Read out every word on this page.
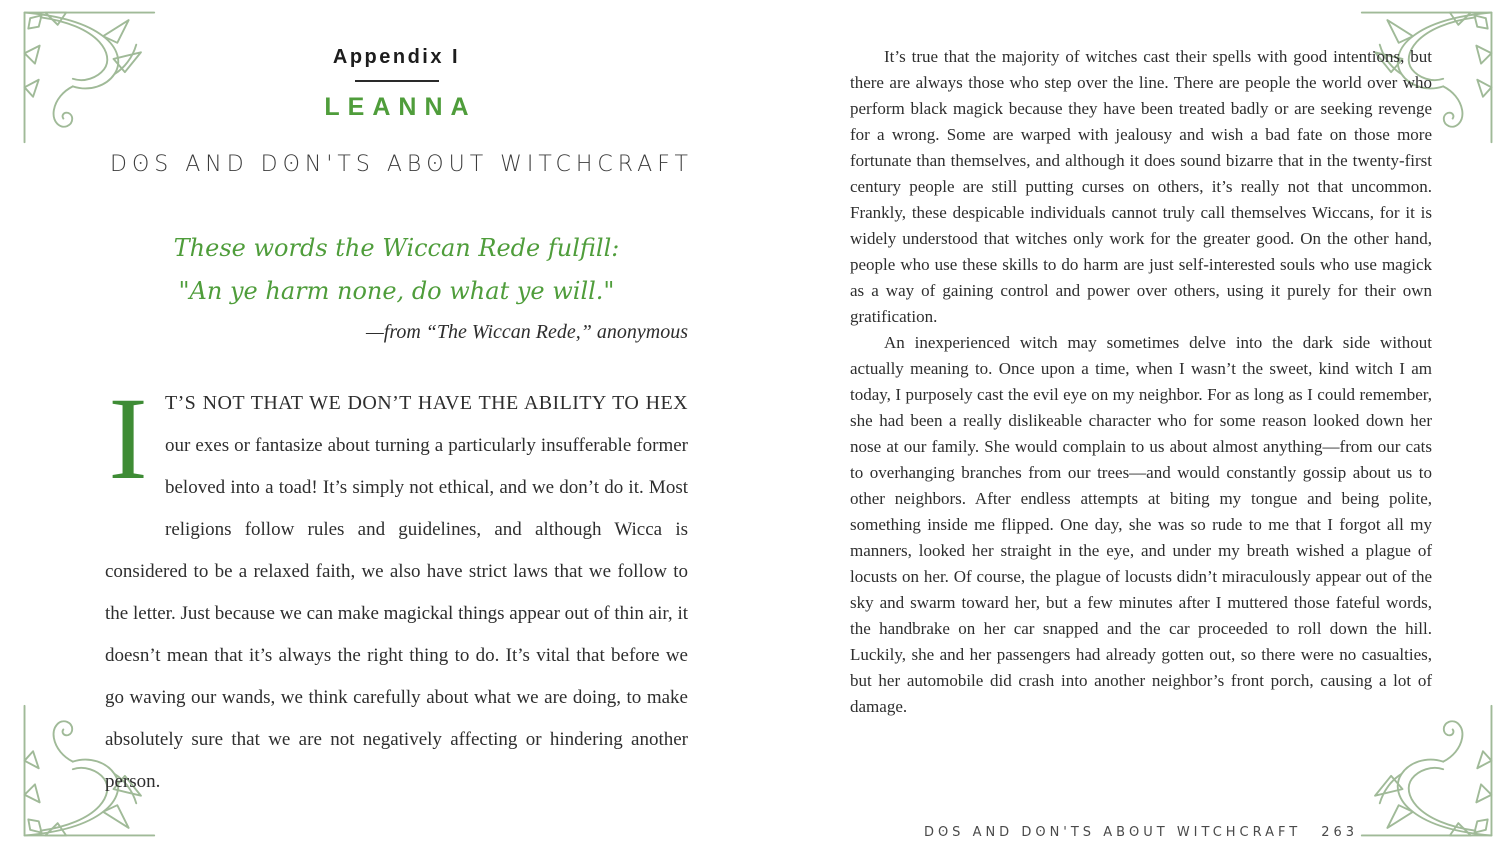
Appendix I
LEANNA
DʘS AND DʘN'TS ABʘUT WITCHCRAFT
These words the Wiccan Rede fulfill:
"An ye harm none, do what ye will."
—from “The Wiccan Rede,” anonymous

I T’S NOT THAT WE DON’T HAVE THE ABILITY TO HEX our exes or fantasize about turning a particularly insufferable former beloved into a toad! It’s simply not ethical, and we don’t do it. Most religions follow rules and guidelines, and although Wicca is considered to be a relaxed faith, we also have strict laws that we follow to the letter. Just because we can make magickal things appear out of thin air, it doesn’t mean that it’s always the right thing to do. It’s vital that before we go waving our wands, we think carefully about what we are doing, to make absolutely sure that we are not negatively affecting or hindering another person.

It’s true that the majority of witches cast their spells with good intentions, but there are always those who step over the line. There are people the world over who perform black magick because they have been treated badly or are seeking revenge for a wrong. Some are warped with jealousy and wish a bad fate on those more fortunate than themselves, and although it does sound bizarre that in the twenty-first century people are still putting curses on others, it’s really not that uncommon. Frankly, these despicable individuals cannot truly call themselves Wiccans, for it is widely understood that witches only work for the greater good. On the other hand, people who use these skills to do harm are just self-interested souls who use magick as a way of gaining control and power over others, using it purely for their own gratification.

An inexperienced witch may sometimes delve into the dark side without actually meaning to. Once upon a time, when I wasn’t the sweet, kind witch I am today, I purposely cast the evil eye on my neighbor. For as long as I could remember, she had been a really dislikeable character who for some reason looked down her nose at our family. She would complain to us about almost anything—from our cats to overhanging branches from our trees—and would constantly gossip about us to other neighbors. After endless attempts at biting my tongue and being polite, something inside me flipped. One day, she was so rude to me that I forgot all my manners, looked her straight in the eye, and under my breath wished a plague of locusts on her. Of course, the plague of locusts didn’t miraculously appear out of the sky and swarm toward her, but a few minutes after I muttered those fateful words, the handbrake on her car snapped and the car proceeded to roll down the hill. Luckily, she and her passengers had already gotten out, so there were no casualties, but her automobile did crash into another neighbor’s front porch, causing a lot of damage.

DʘS AND DʘN'TS ABʘUT WITCHCRAFT 263
